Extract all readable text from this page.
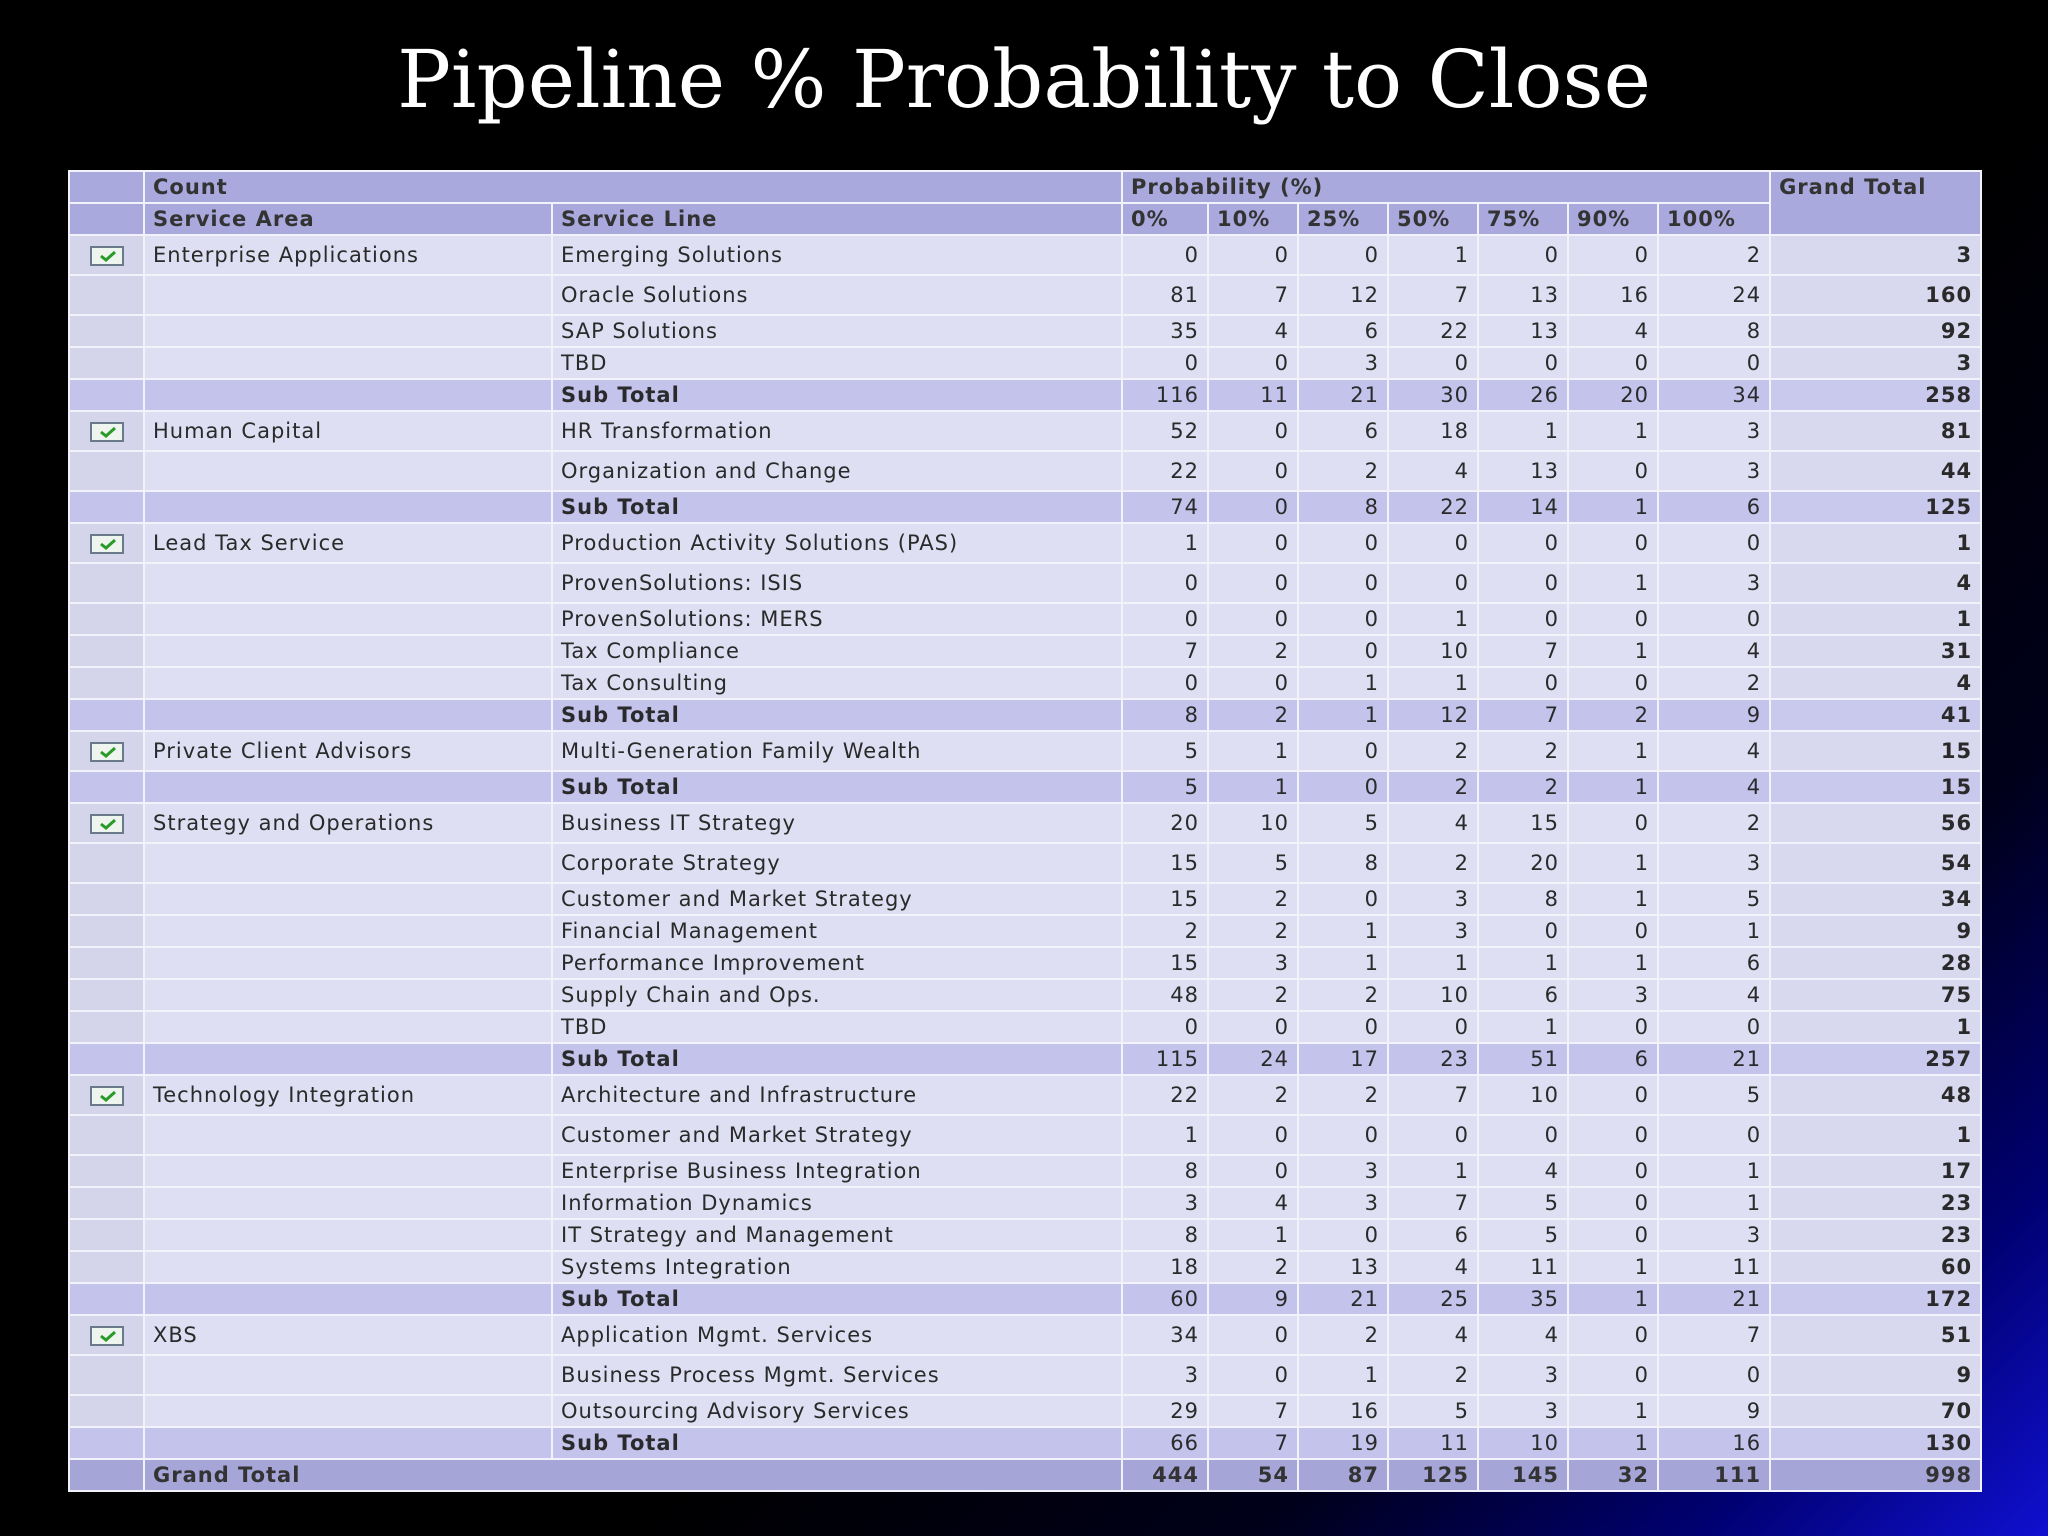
Pipeline % Probability to Close
	Count		Probability (%)							Grand Total
	Service Area	Service Line	0%	10%	25%	50%	75%	90%	100%	

	Enterprise Applications	Emerging Solutions	0	0	0	1	0	0	2	3
		Oracle Solutions	81	7	12	7	13	16	24	160
		SAP Solutions	35	4	6	22	13	4	8	92
		TBD	0	0	3	0	0	0	0	3
		Sub Total	116	11	21	30	26	20	34	258

	Human Capital	HR Transformation	52	0	6	18	1	1	3	81
		Organization and Change	22	0	2	4	13	0	3	44
		Sub Total	74	0	8	22	14	1	6	125

	Lead Tax Service	Production Activity Solutions (PAS)	1	0	0	0	0	0	0	1
		ProvenSolutions: ISIS	0	0	0	0	0	1	3	4
		ProvenSolutions: MERS	0	0	0	1	0	0	0	1
		Tax Compliance	7	2	0	10	7	1	4	31
		Tax Consulting	0	0	1	1	0	0	2	4
		Sub Total	8	2	1	12	7	2	9	41

	Private Client Advisors	Multi-Generation Family Wealth	5	1	0	2	2	1	4	15
		Sub Total	5	1	0	2	2	1	4	15

	Strategy and Operations	Business IT Strategy	20	10	5	4	15	0	2	56
		Corporate Strategy	15	5	8	2	20	1	3	54
		Customer and Market Strategy	15	2	0	3	8	1	5	34
		Financial Management	2	2	1	3	0	0	1	9
		Performance Improvement	15	3	1	1	1	1	6	28
		Supply Chain and Ops.	48	2	2	10	6	3	4	75
		TBD	0	0	0	0	1	0	0	1
		Sub Total	115	24	17	23	51	6	21	257

	Technology Integration	Architecture and Infrastructure	22	2	2	7	10	0	5	48
		Customer and Market Strategy	1	0	0	0	0	0	0	1
		Enterprise Business Integration	8	0	3	1	4	0	1	17
		Information Dynamics	3	4	3	7	5	0	1	23
		IT Strategy and Management	8	1	0	6	5	0	3	23
		Systems Integration	18	2	13	4	11	1	11	60
		Sub Total	60	9	21	25	35	1	21	172

	XBS	Application Mgmt. Services	34	0	2	4	4	0	7	51
		Business Process Mgmt. Services	3	0	1	2	3	0	0	9
		Outsourcing Advisory Services	29	7	16	5	3	1	9	70
		Sub Total	66	7	19	11	10	1	16	130
	Grand Total		444	54	87	125	145	32	111	998
